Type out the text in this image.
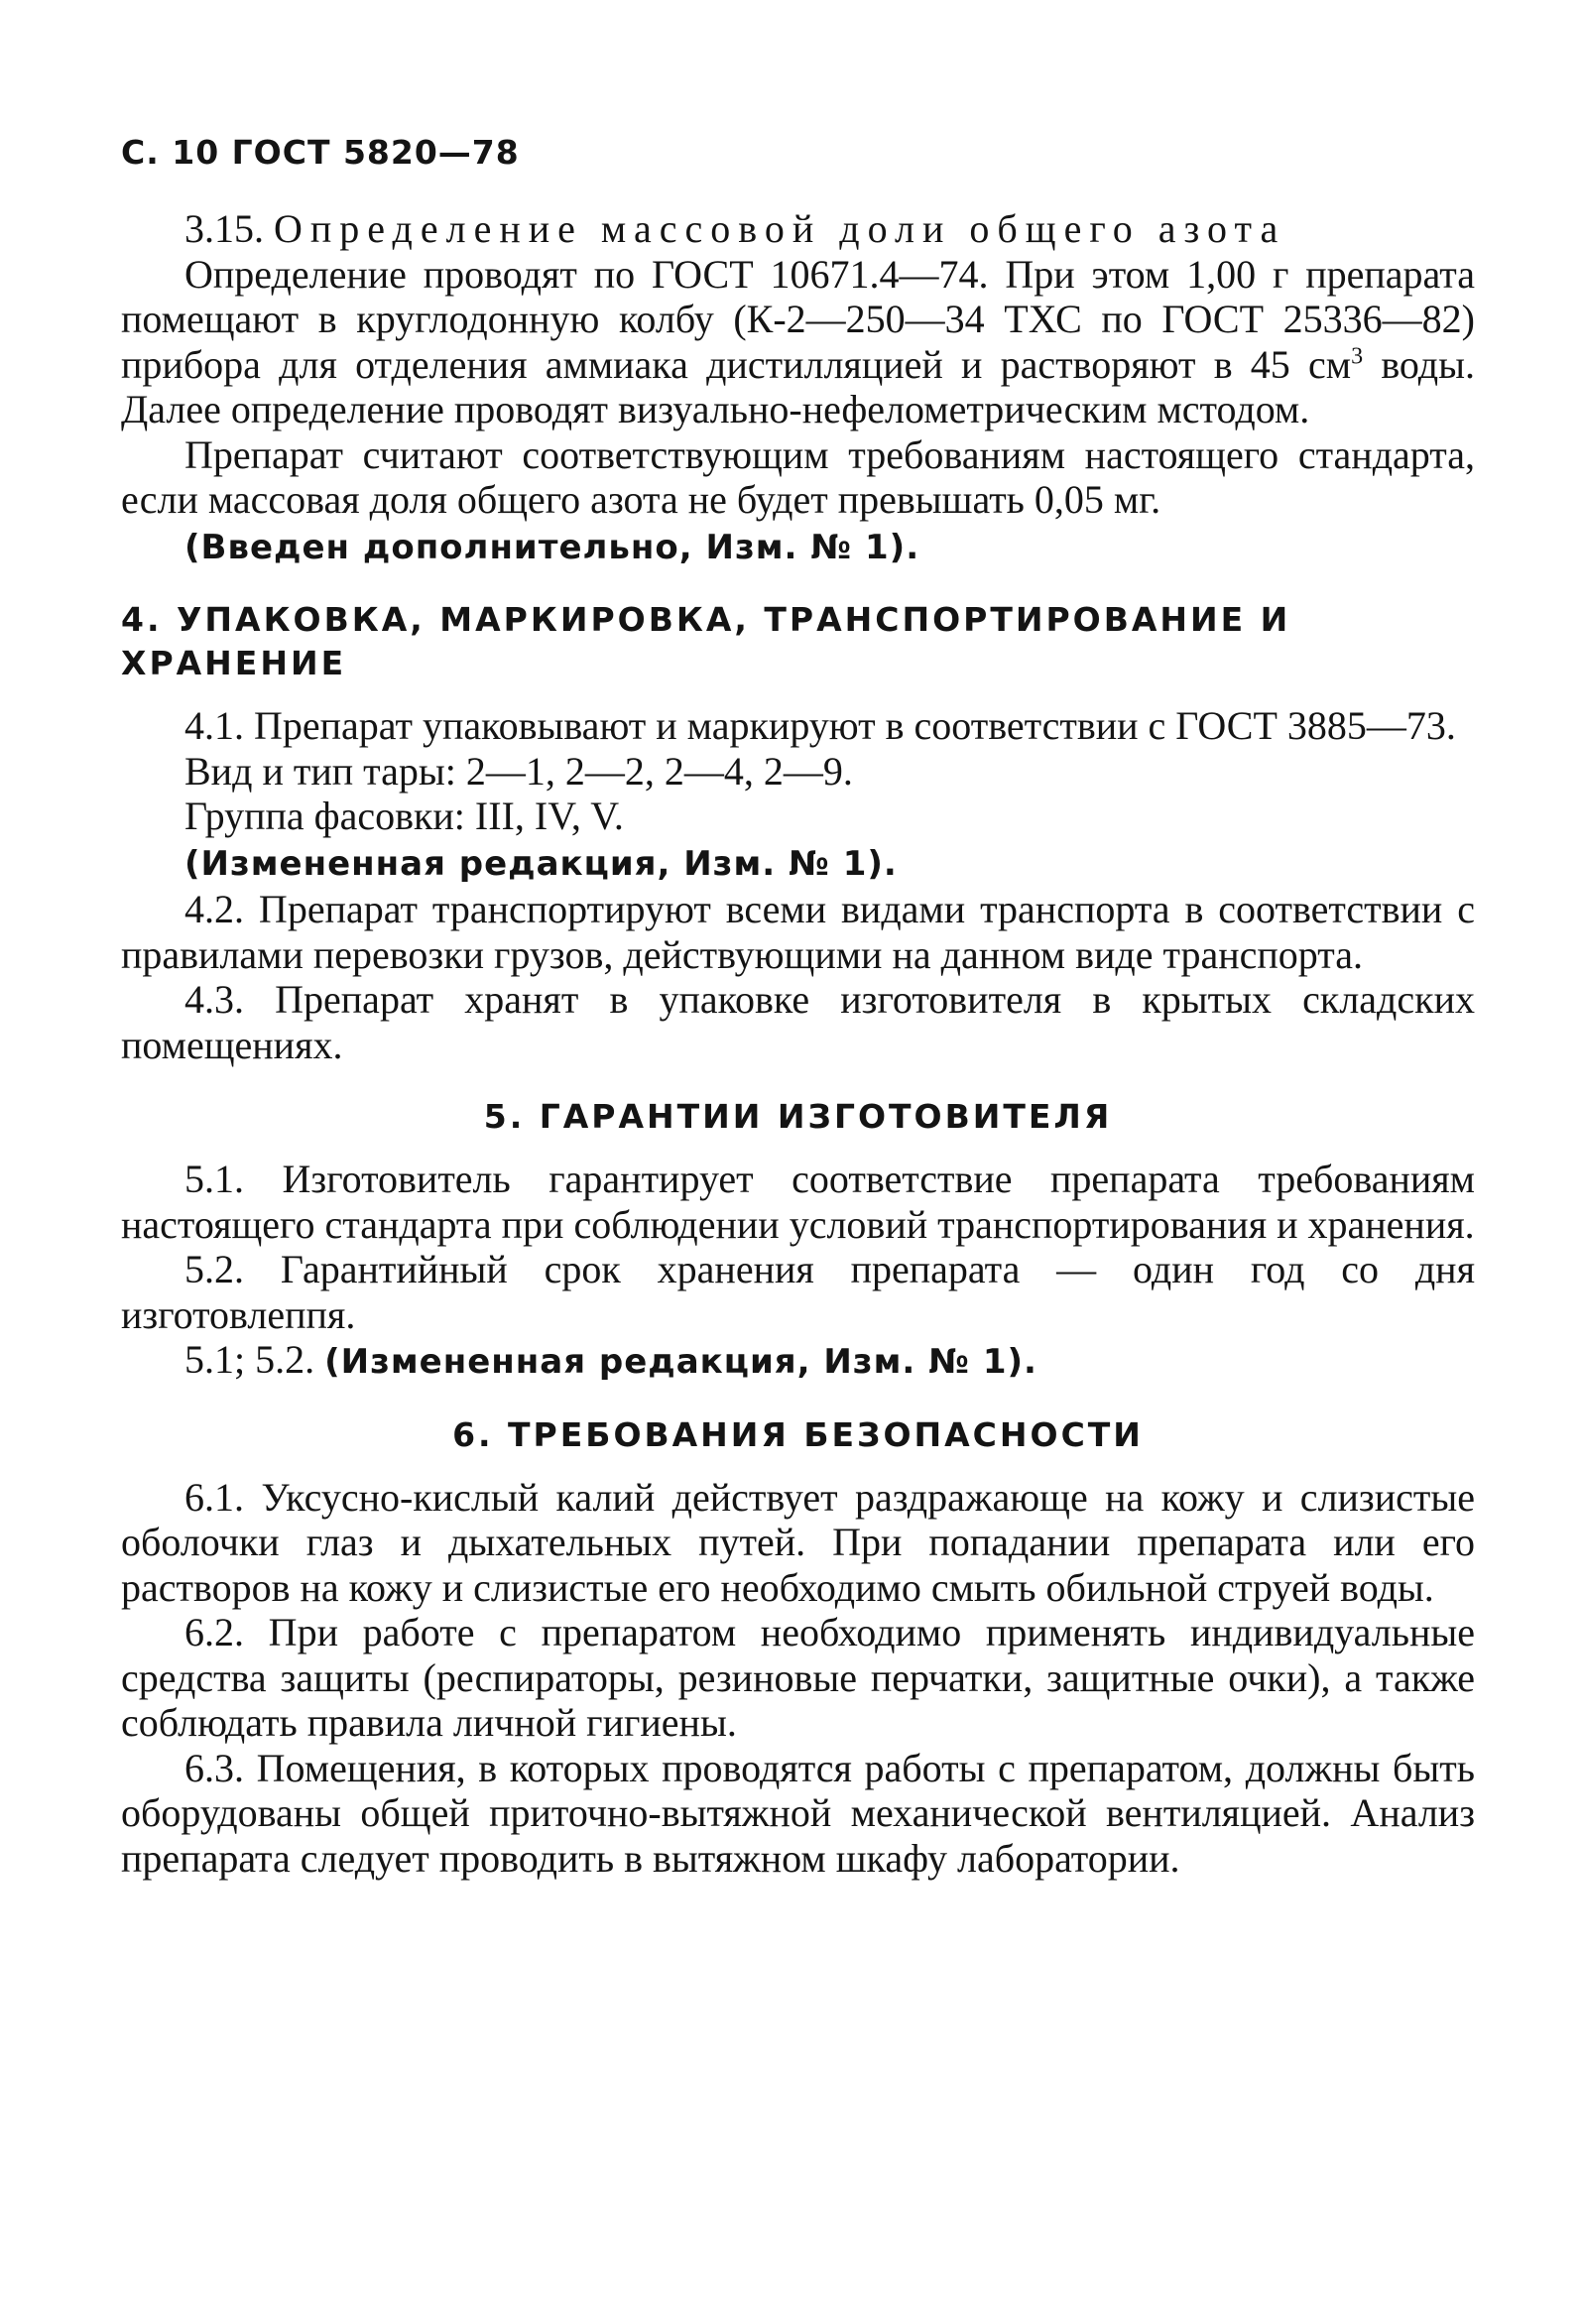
С. 10 ГОСТ 5820—78

3.15. Определение массовой доли общего азота

Определение проводят по ГОСТ 10671.4—74. При этом 1,00 г препарата помещают в круглодонную колбу (К-2—250—34 ТХС по ГОСТ 25336—82) прибора для отделения аммиака дистилляцией и растворяют в 45 $см^3$ воды. Далее определение проводят визуально-нефелометрическим мстодом.

Препарат считают соответствующим требованиям настоящего стандарта, если массовая доля общего азота не будет превышать 0,05 мг.

(Введен дополнительно, Изм. № 1).

4. УПАКОВКА, МАРКИРОВКА, ТРАНСПОРТИРОВАНИЕ И ХРАНЕНИЕ

4.1. Препарат упаковывают и маркируют в соответствии с ГОСТ 3885—73.

Вид и тип тары: 2—1, 2—2, 2—4, 2—9.

Группа фасовки: III, IV, V.

(Измененная редакция, Изм. № 1).

4.2. Препарат транспортируют всеми видами транспорта в соответствии с правилами перевозки грузов, действующими на данном виде транспорта.

4.3. Препарат хранят в упаковке изготовителя в крытых складских помещениях.

5. ГАРАНТИИ ИЗГОТОВИТЕЛЯ

5.1. Изготовитель гарантирует соответствие препарата требованиям настоящего стандарта при соблюдении условий транспортирования и хранения.

5.2. Гарантийный срок хранения препарата — один год со дня изготовлеппя.

5.1; 5.2. (Измененная редакция, Изм. № 1).

6. ТРЕБОВАНИЯ БЕЗОПАСНОСТИ

6.1. Уксусно-кислый калий действует раздражающе на кожу и слизистые оболочки глаз и дыхательных путей. При попадании препарата или его растворов на кожу и слизистые его необходимо смыть обильной струей воды.

6.2. При работе с препаратом необходимо применять индивидуальные средства защиты (респираторы, резиновые перчатки, защитные очки), а также соблюдать правила личной гигиены.

6.3. Помещения, в которых проводятся работы с препаратом, должны быть оборудованы общей приточно-вытяжной механической вентиляцией. Анализ препарата следует проводить в вытяжном шкафу лаборатории.
